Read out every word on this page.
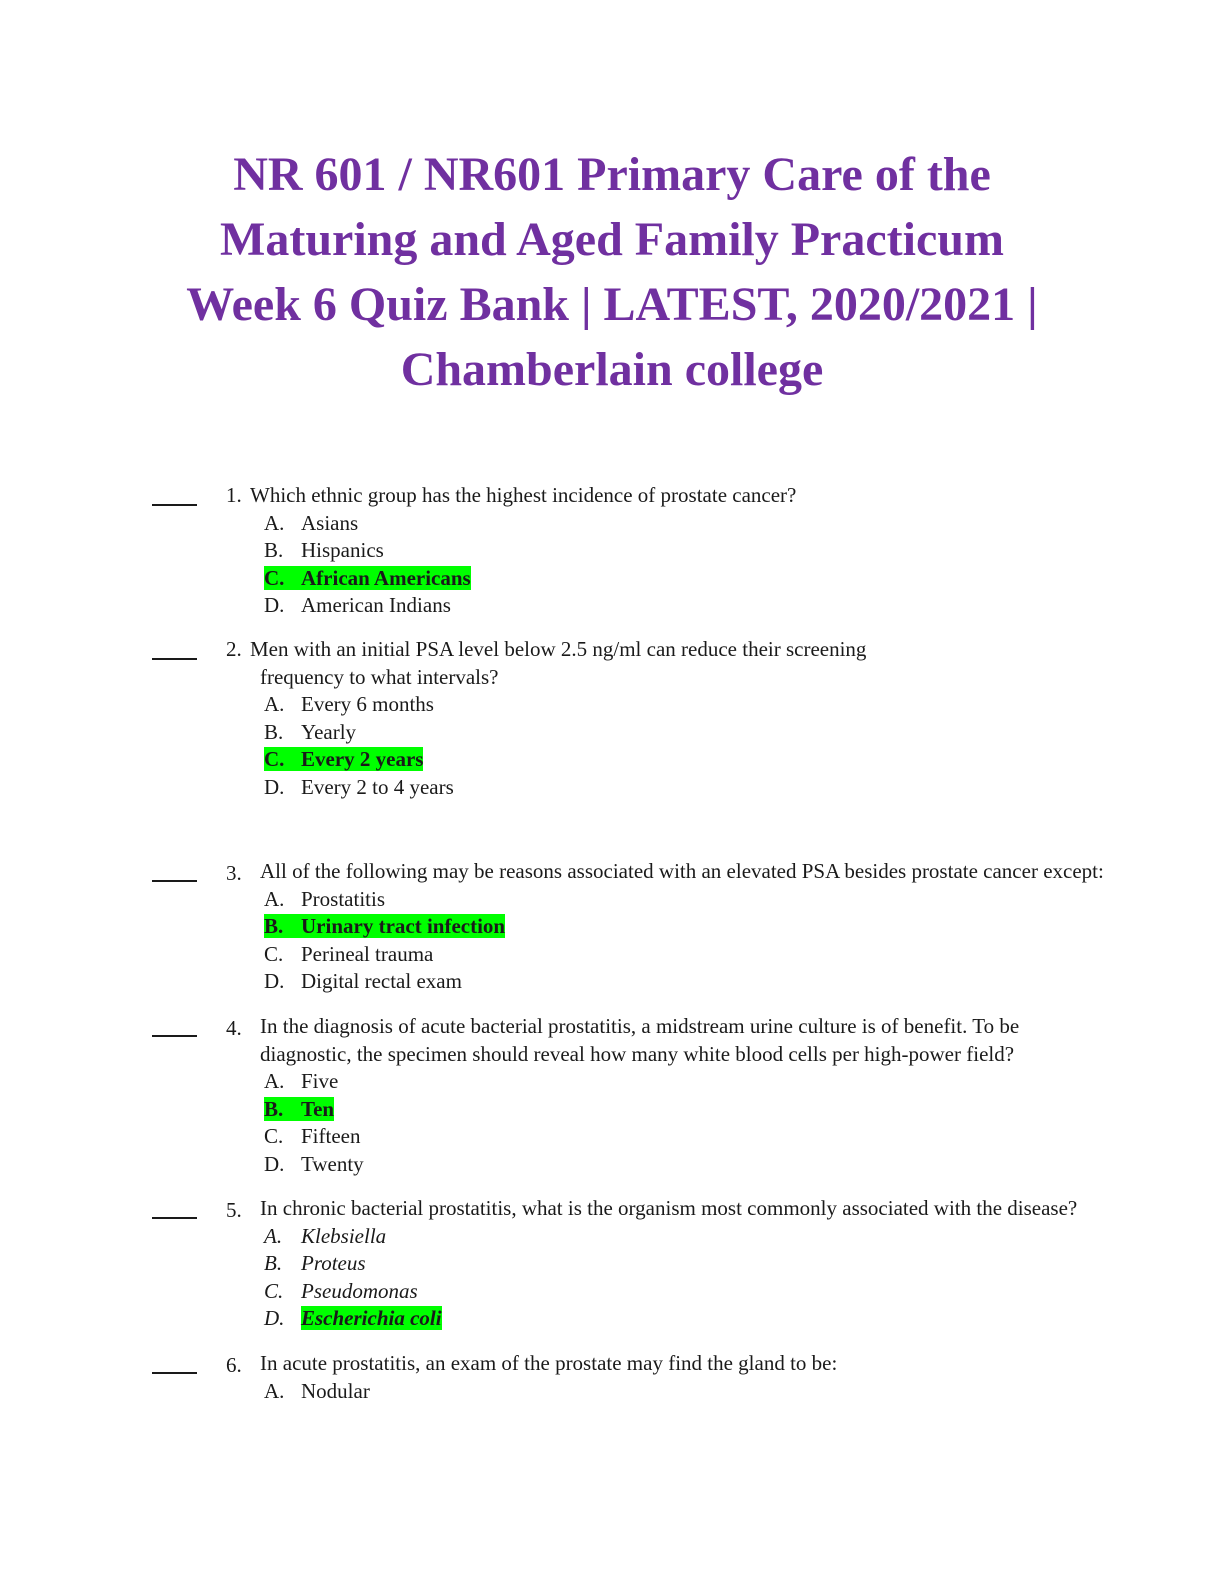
NR 601 / NR601 Primary Care of the
Maturing and Aged Family Practicum
Week 6 Quiz Bank | LATEST, 2020/2021 |
Chamberlain college
1. Which ethnic group has the highest incidence of prostate cancer?
A. Asians
B. Hispanics
C. African Americans
D. American Indians
2. Men with an initial PSA level below 2.5 ng/ml can reduce their screening
frequency to what intervals?
A. Every 6 months
B. Yearly
C. Every 2 years
D. Every 2 to 4 years
3. All of the following may be reasons associated with an elevated PSA besides prostate cancer except:
A. Prostatitis
B. Urinary tract infection
C. Perineal trauma
D. Digital rectal exam
4. In the diagnosis of acute bacterial prostatitis, a midstream urine culture is of benefit. To be
diagnostic, the specimen should reveal how many white blood cells per high-power field?
A. Five
B. Ten
C. Fifteen
D. Twenty
5. In chronic bacterial prostatitis, what is the organism most commonly associated with the disease?
A. Klebsiella
B. Proteus
C. Pseudomonas
D. Escherichia coli
6. In acute prostatitis, an exam of the prostate may find the gland to be:
A. Nodular
